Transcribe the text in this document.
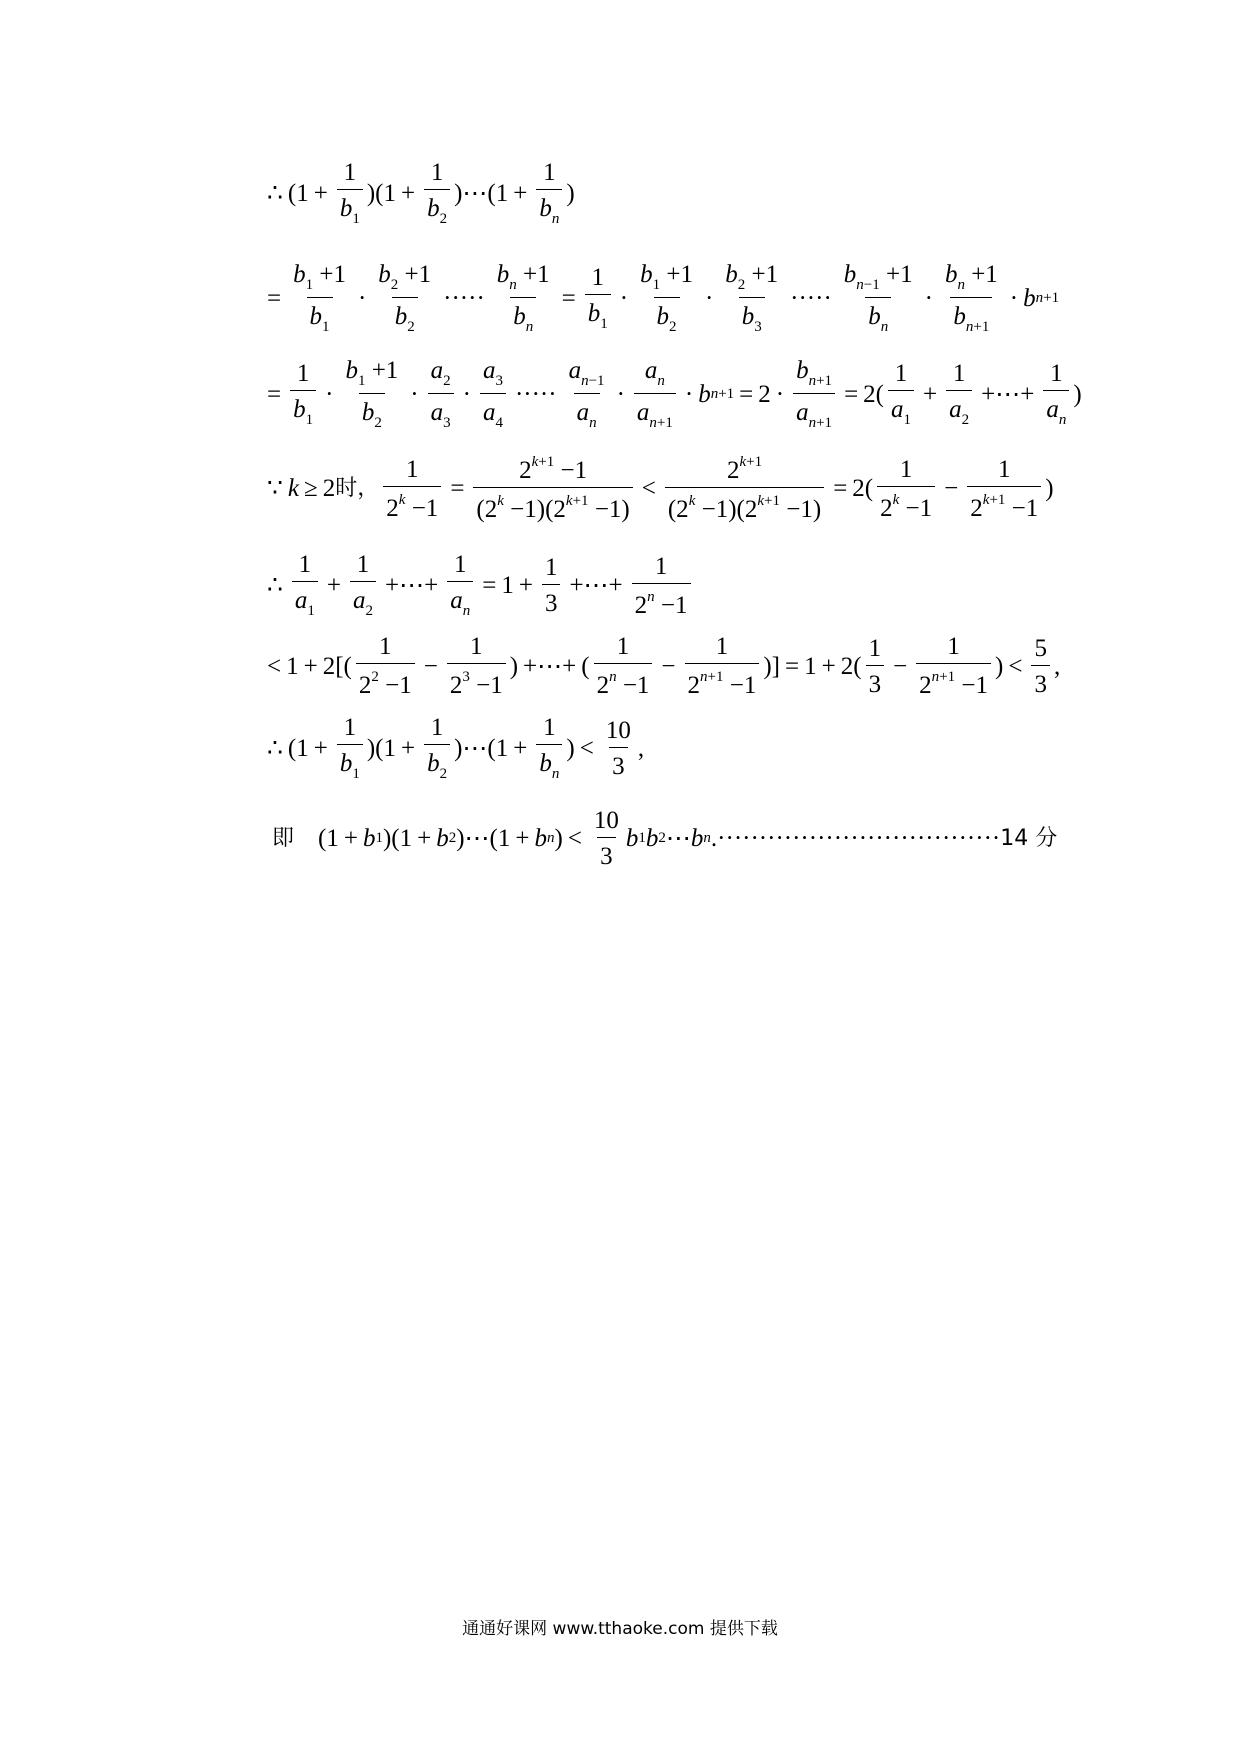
∴ $(1 + \frac{1}{b_1} )(1 + \frac{1}{b_2}$ )⋯(1 + $\frac{1}{b_n}$ )
= $\frac{b_1 +1}{b_1} \cdot \frac{b_2 +1}{b_2}$ ····· $\frac{b_n +1}{b_n} = \frac{1}{b_1} \cdot \frac{b_1 +1}{b_2} \cdot \frac{b_2 +1}{b_3}$ ····· $\frac{b_{n-1} +1}{b_n} \cdot \frac{b_n +1}{b_{n+1}} \cdot b$ n+1
= $\frac{1}{b_1} \cdot \frac{b_1 +1}{b_2} \cdot \frac{a_2}{a_3} \cdot \frac{a_3}{a_4}$ ····· $\frac{a_{n-1}}{a_n} \cdot \frac{a_n}{a_{n+1}} \cdot b$ $n+1 = 2 \cdot \frac{b_{n+1}}{a_{n+1}} = 2( \frac{1}{a_1} + \frac{1}{a_2}$ +⋯+ $\frac{1}{a_n}$ )
∵ k ≥ 2 时 ， $\frac{1}{2^k -1} = \frac{2^{k+1} -1}{(2^k -1)(2^{k+1} -1)} < \frac{2^{k+1}}{(2^k -1)(2^{k+1} -1)} = 2( \frac{1}{2^k -1} - \frac{1}{2^{k+1} -1}$ )
∴ $\frac{1}{a_1} + \frac{1}{a_2}$ +⋯+ $\frac{1}{a_n} = 1 + \frac{1}{3}$ +⋯+ $\frac{1}{2^n -1}$
< $1 + 2[( \frac{1}{2^2 -1} - \frac{1}{2^3 -1}$ ) +⋯+ ( $\frac{1}{2^n -1} - \frac{1}{2^{n+1} -1}$ )] = $1 + 2( \frac{1}{3} - \frac{1}{2^{n+1} -1}$ ) < $\frac{5}{3}$ ,
∴ $(1 + \frac{1}{b_1} )(1 + \frac{1}{b_2}$ )⋯(1 + $\frac{1}{b_n}$ ) < $\frac{10}{3}$ ,
即 (1 + b 1 )(1 + b 2 )⋯(1 + b n ) < $\frac{10}{3}$ b 1 b 2 ⋯ b n . ·································· 14 分
通通好课网 www.tthaoke.com 提供下载
